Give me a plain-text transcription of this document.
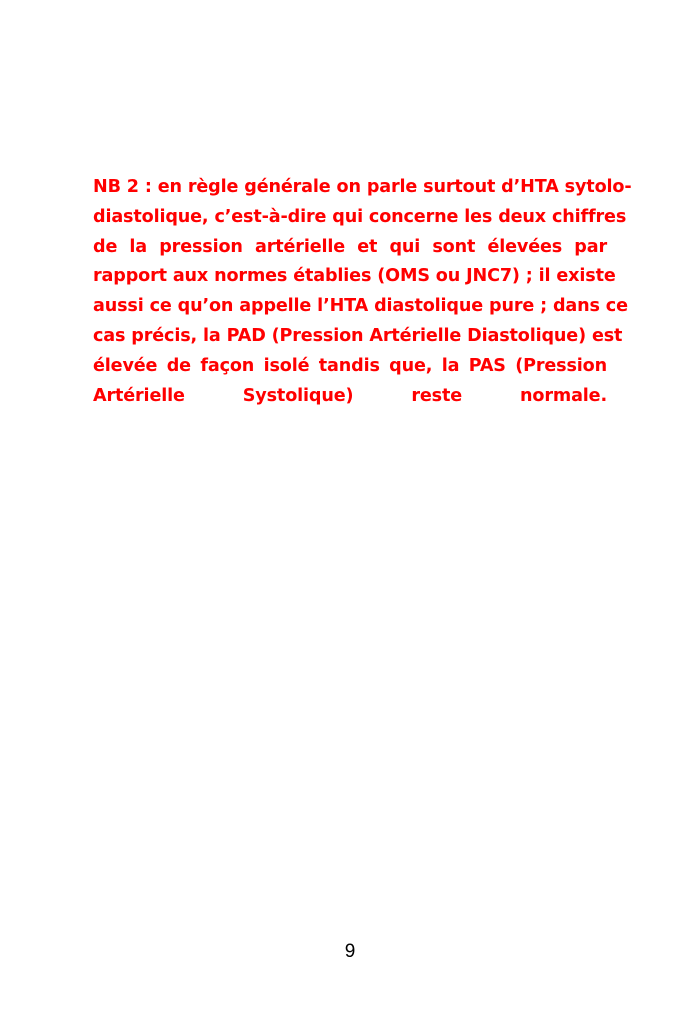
NB 2 : en règle générale on parle surtout d’HTA sytolo-
diastolique, c’est-à-dire qui concerne les deux chiffres
de la pression artérielle et qui sont élevées par
rapport aux normes établies (OMS ou JNC7) ; il existe
aussi ce qu’on appelle l’HTA diastolique pure ; dans ce
cas précis, la PAD (Pression Artérielle Diastolique) est
élevée de façon isolé tandis que, la PAS (Pression
Artérielle Systolique) reste normale.
9
